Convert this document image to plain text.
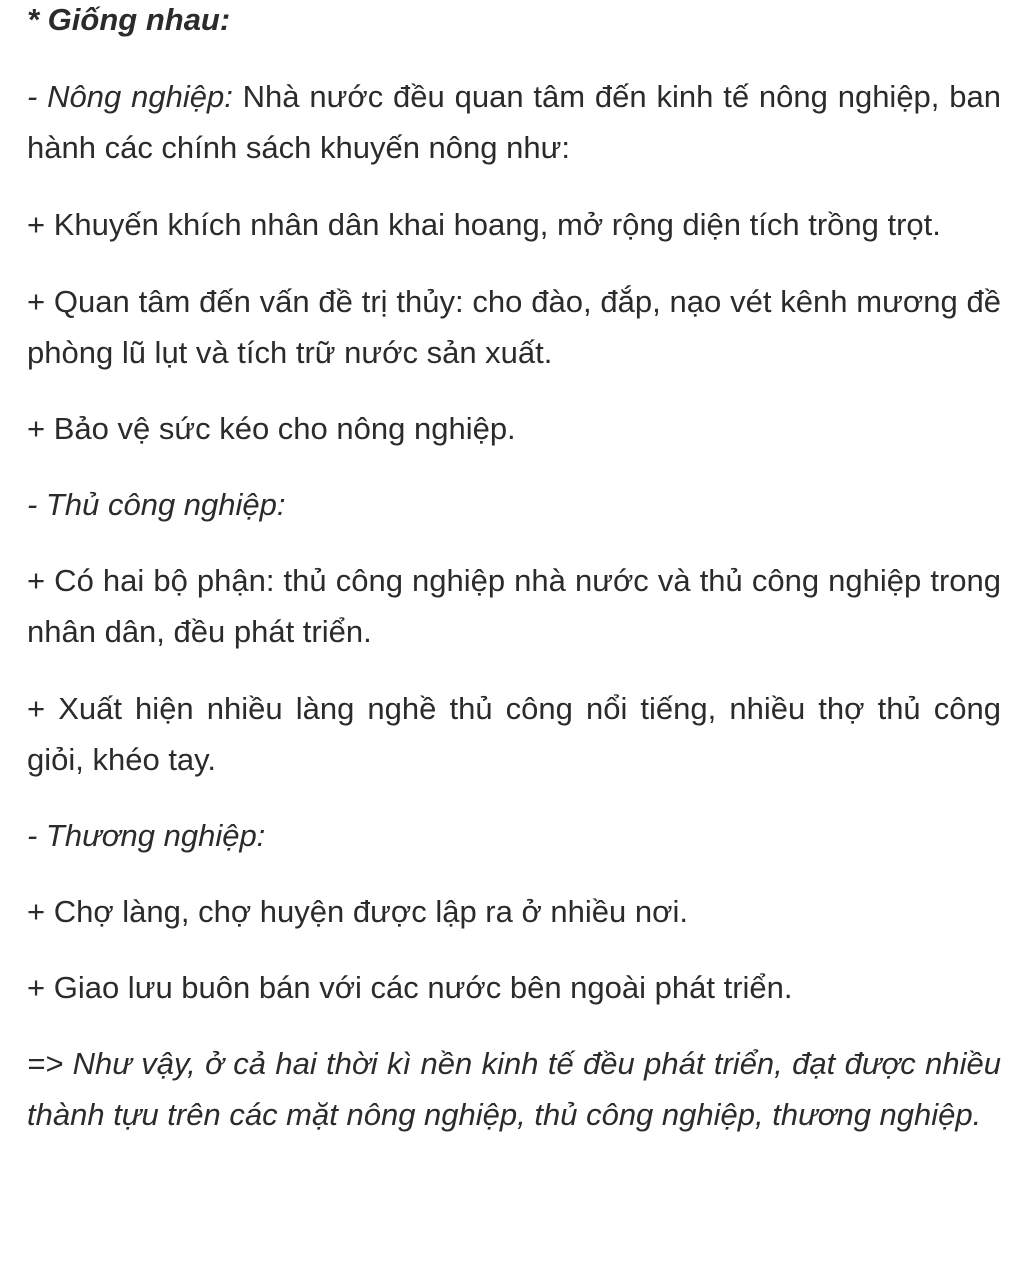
* Giống nhau:

- Nông nghiệp: Nhà nước đều quan tâm đến kinh tế nông nghiệp, ban hành các chính sách khuyến nông như:

+ Khuyến khích nhân dân khai hoang, mở rộng diện tích trồng trọt.

+ Quan tâm đến vấn đề trị thủy: cho đào, đắp, nạo vét kênh mương đề phòng lũ lụt và tích trữ nước sản xuất.

+ Bảo vệ sức kéo cho nông nghiệp.

- Thủ công nghiệp:

+ Có hai bộ phận: thủ công nghiệp nhà nước và thủ công nghiệp trong nhân dân, đều phát triển.

+ Xuất hiện nhiều làng nghề thủ công nổi tiếng, nhiều thợ thủ công giỏi, khéo tay.

- Thương nghiệp:

+ Chợ làng, chợ huyện được lập ra ở nhiều nơi.

+ Giao lưu buôn bán với các nước bên ngoài phát triển.

=> Như vậy, ở cả hai thời kì nền kinh tế đều phát triển, đạt được nhiều thành tựu trên các mặt nông nghiệp, thủ công nghiệp, thương nghiệp.
